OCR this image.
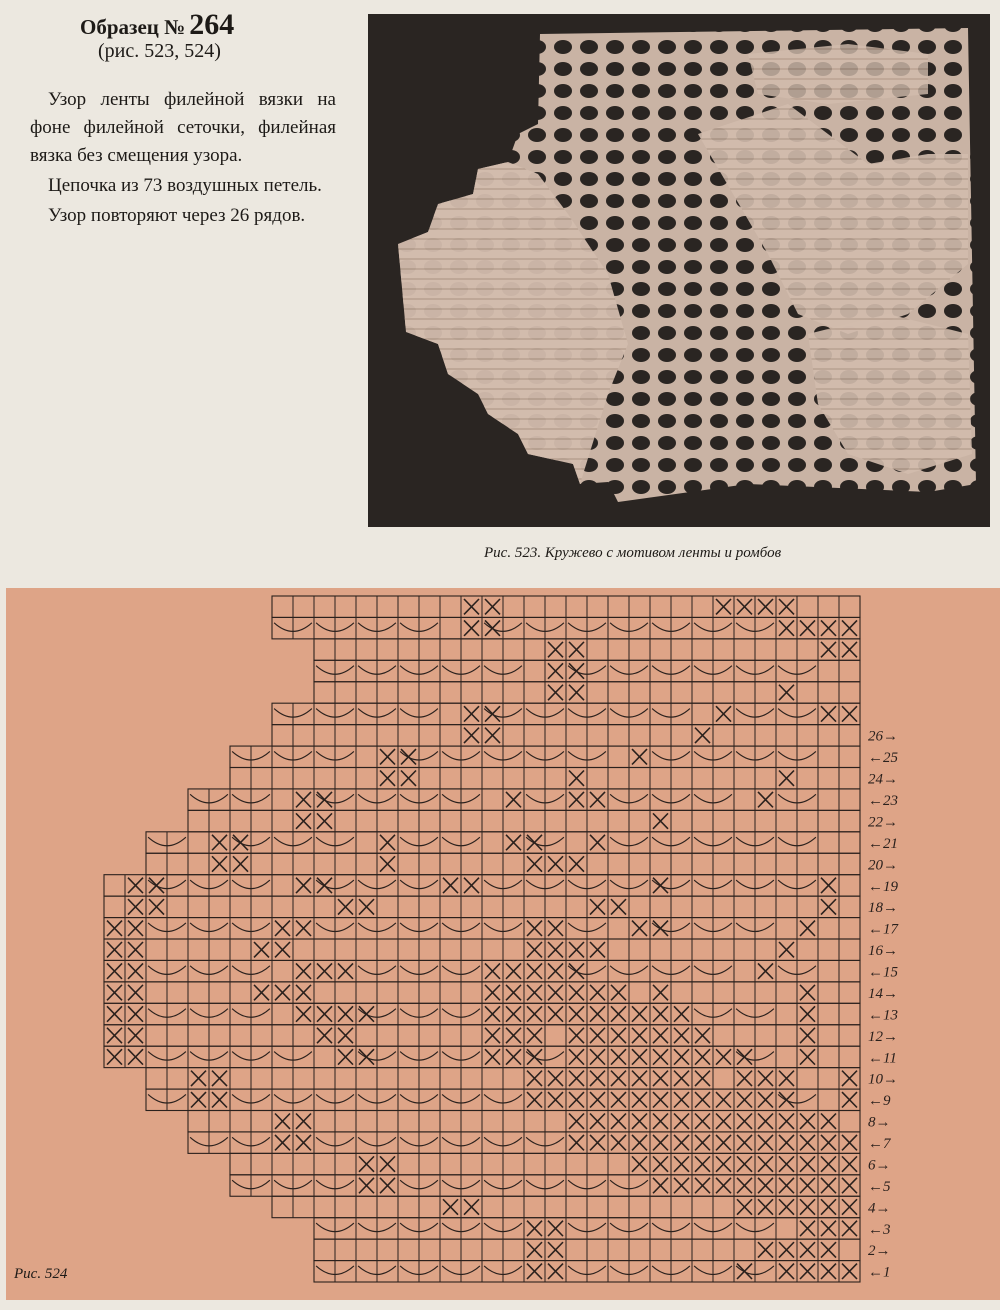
Образец № 264
(рис. 523, 524)

Узор ленты филейной вязки на фоне филейной сеточки, филейная вязка без смещения узора.

Цепочка из 73 воздушных петель.

Узор повторяют через 26 рядов.

Рис. 523. Кружево с мотивом ленты и ромбов
26→
←25
24→
←23
22→
←21
20→
←19
18→
←17
16→
←15
14→
←13
12→
←11
10→
←9
8→
←7
6→
←5
4→
←3
2→
←1
Рис. 524
